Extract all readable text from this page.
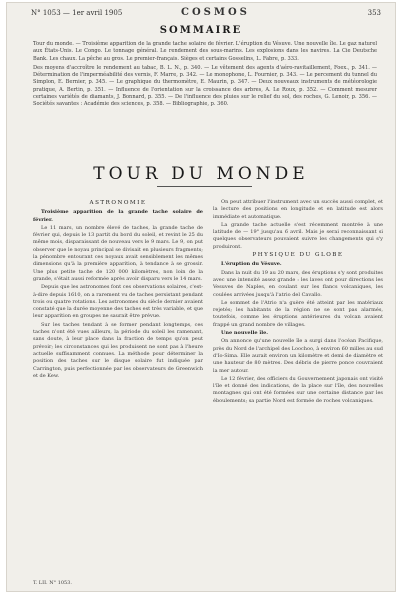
N° 1053 — 1er avril 1905	COSMOS	353
SOMMAIRE

Tour du monde. — Troisième apparition de la grande tache solaire de février. L'éruption du Vésuve. Une nouvelle île. Le gaz naturel aux États-Unis. Le Congo. Le tonnage général. Le rendement des sous-marins. Les explosions dans les navires. La Cie Deutsche Bank. Les chaux. La pêche au gros. Le premier-français. Sièges et certains Gosselins, L. Fabre, p. 333.

Des moyens d'accroître le rendement au tabac, B. L. N., p. 340. — Le vêtement des agents d'aéro-ravitaillement, Foex., p. 341. — Détermination de l'imperméabilité des vernis, F. Marre, p. 342. — Le monophone, L. Fournier, p. 343. — Le percement du tunnel du Simplon, E. Bernier, p. 345. — Le graphique du thermomètre, E. Maurin, p. 347. — Deux nouveaux instruments de météorologie pratique, A. Bertin, p. 351. — Influence de l'orientation sur la croissance des arbres, A. Le Roux, p. 352. — Comment mesurer certaines variétés de diamants, J. Bonnard, p. 355. — De l'influence des pluies sur le relief du sol, des roches, G. Lenoir, p. 356. — Sociétés savantes : Académie des sciences, p. 358. — Bibliographie, p. 360.

TOUR DU MONDE
ASTRONOMIE

Troisième apparition de la grande tache solaire de février.

Le 11 mars, un nombre élevé de taches, la grande tache de février qui, depuis le 13 partit du bord du soleil, et revint le 25 du même mois, disparaissant de nouveau vers le 9 mars. Le 9, on put observer que le noyau principal se divisait en plusieurs fragments; la pénombre entourant ces noyaux avait sensiblement les mêmes dimensions qu'à la première apparition, à tendance à se grossir. Une plus petite tache de 120 000 kilomètres, non loin de la grande, s'était aussi reformée après avoir disparu vers le 14 mars.

Depuis que les astronomes font ces observations solaires, c'est-à-dire depuis 1610, on a rarement vu de taches persistant pendant trois ou quatre rotations. Les astronomes du siècle dernier avaient constaté que la durée moyenne des taches est très variable, et que leur apparition en groupes ne saurait être prévue.

Sur les taches tendant à se former pendant longtemps, ces taches n'ont été vues ailleurs, la période du soleil les ramenant, sans doute, à leur place dans la fraction de temps qu'on peut prévoir; les circonstances qui les produisent ne sont pas à l'heure actuelle suffisamment connues. La méthode pour déterminer la position des taches sur le disque solaire fut indiquée par Carrington, puis perfectionnée par les observateurs de Greenwich et de Kew.

On peut attribuer l'instrument avec un succès aussi complet, et la lecture des positions en longitude et en latitude est alors immédiate et automatique.

La grande tache actuelle s'est récemment montrée à une latitude de — 19° jusqu'au 6 avril. Mais je serai reconnaissant si quelques observateurs pouvaient suivre les changements qui s'y produiront.

PHYSIQUE DU GLOBE

L'éruption du Vésuve.

Dans la nuit du 19 au 20 mars, des éruptions s'y sont produites avec une intensité assez grande : les laves ont pour directions les Vesuves de Naples, en coulant sur les flancs volcaniques, les coulées arrivées jusqu'à l'atrio del Cavallo.

Le sommet de l'Atrio n'a guère été atteint par les matériaux rejetés; les habitants de la région ne se sont pas alarmés, toutefois, comme les éruptions antérieures du volcan avaient frappé un grand nombre de villages.

Une nouvelle île.

On annonce qu'une nouvelle île a surgi dans l'océan Pacifique, près du Nord de l'archipel des Loochoo, à environ 60 milles au sud d'Io-Sima. Elle aurait environ un kilomètre et demi de diamètre et une hauteur de 80 mètres. Des débris de pierre ponce couvraient la mer autour.

Le 12 février, des officiers du Gouvernement japonais ont visité l'île et donné des indications, de la place sur l'île, des nouvelles montagnes qui ont été formées sur une certaine distance par les éboulements; sa partie Nord est formée de roches volcaniques.

T. LII. N° 1053.
